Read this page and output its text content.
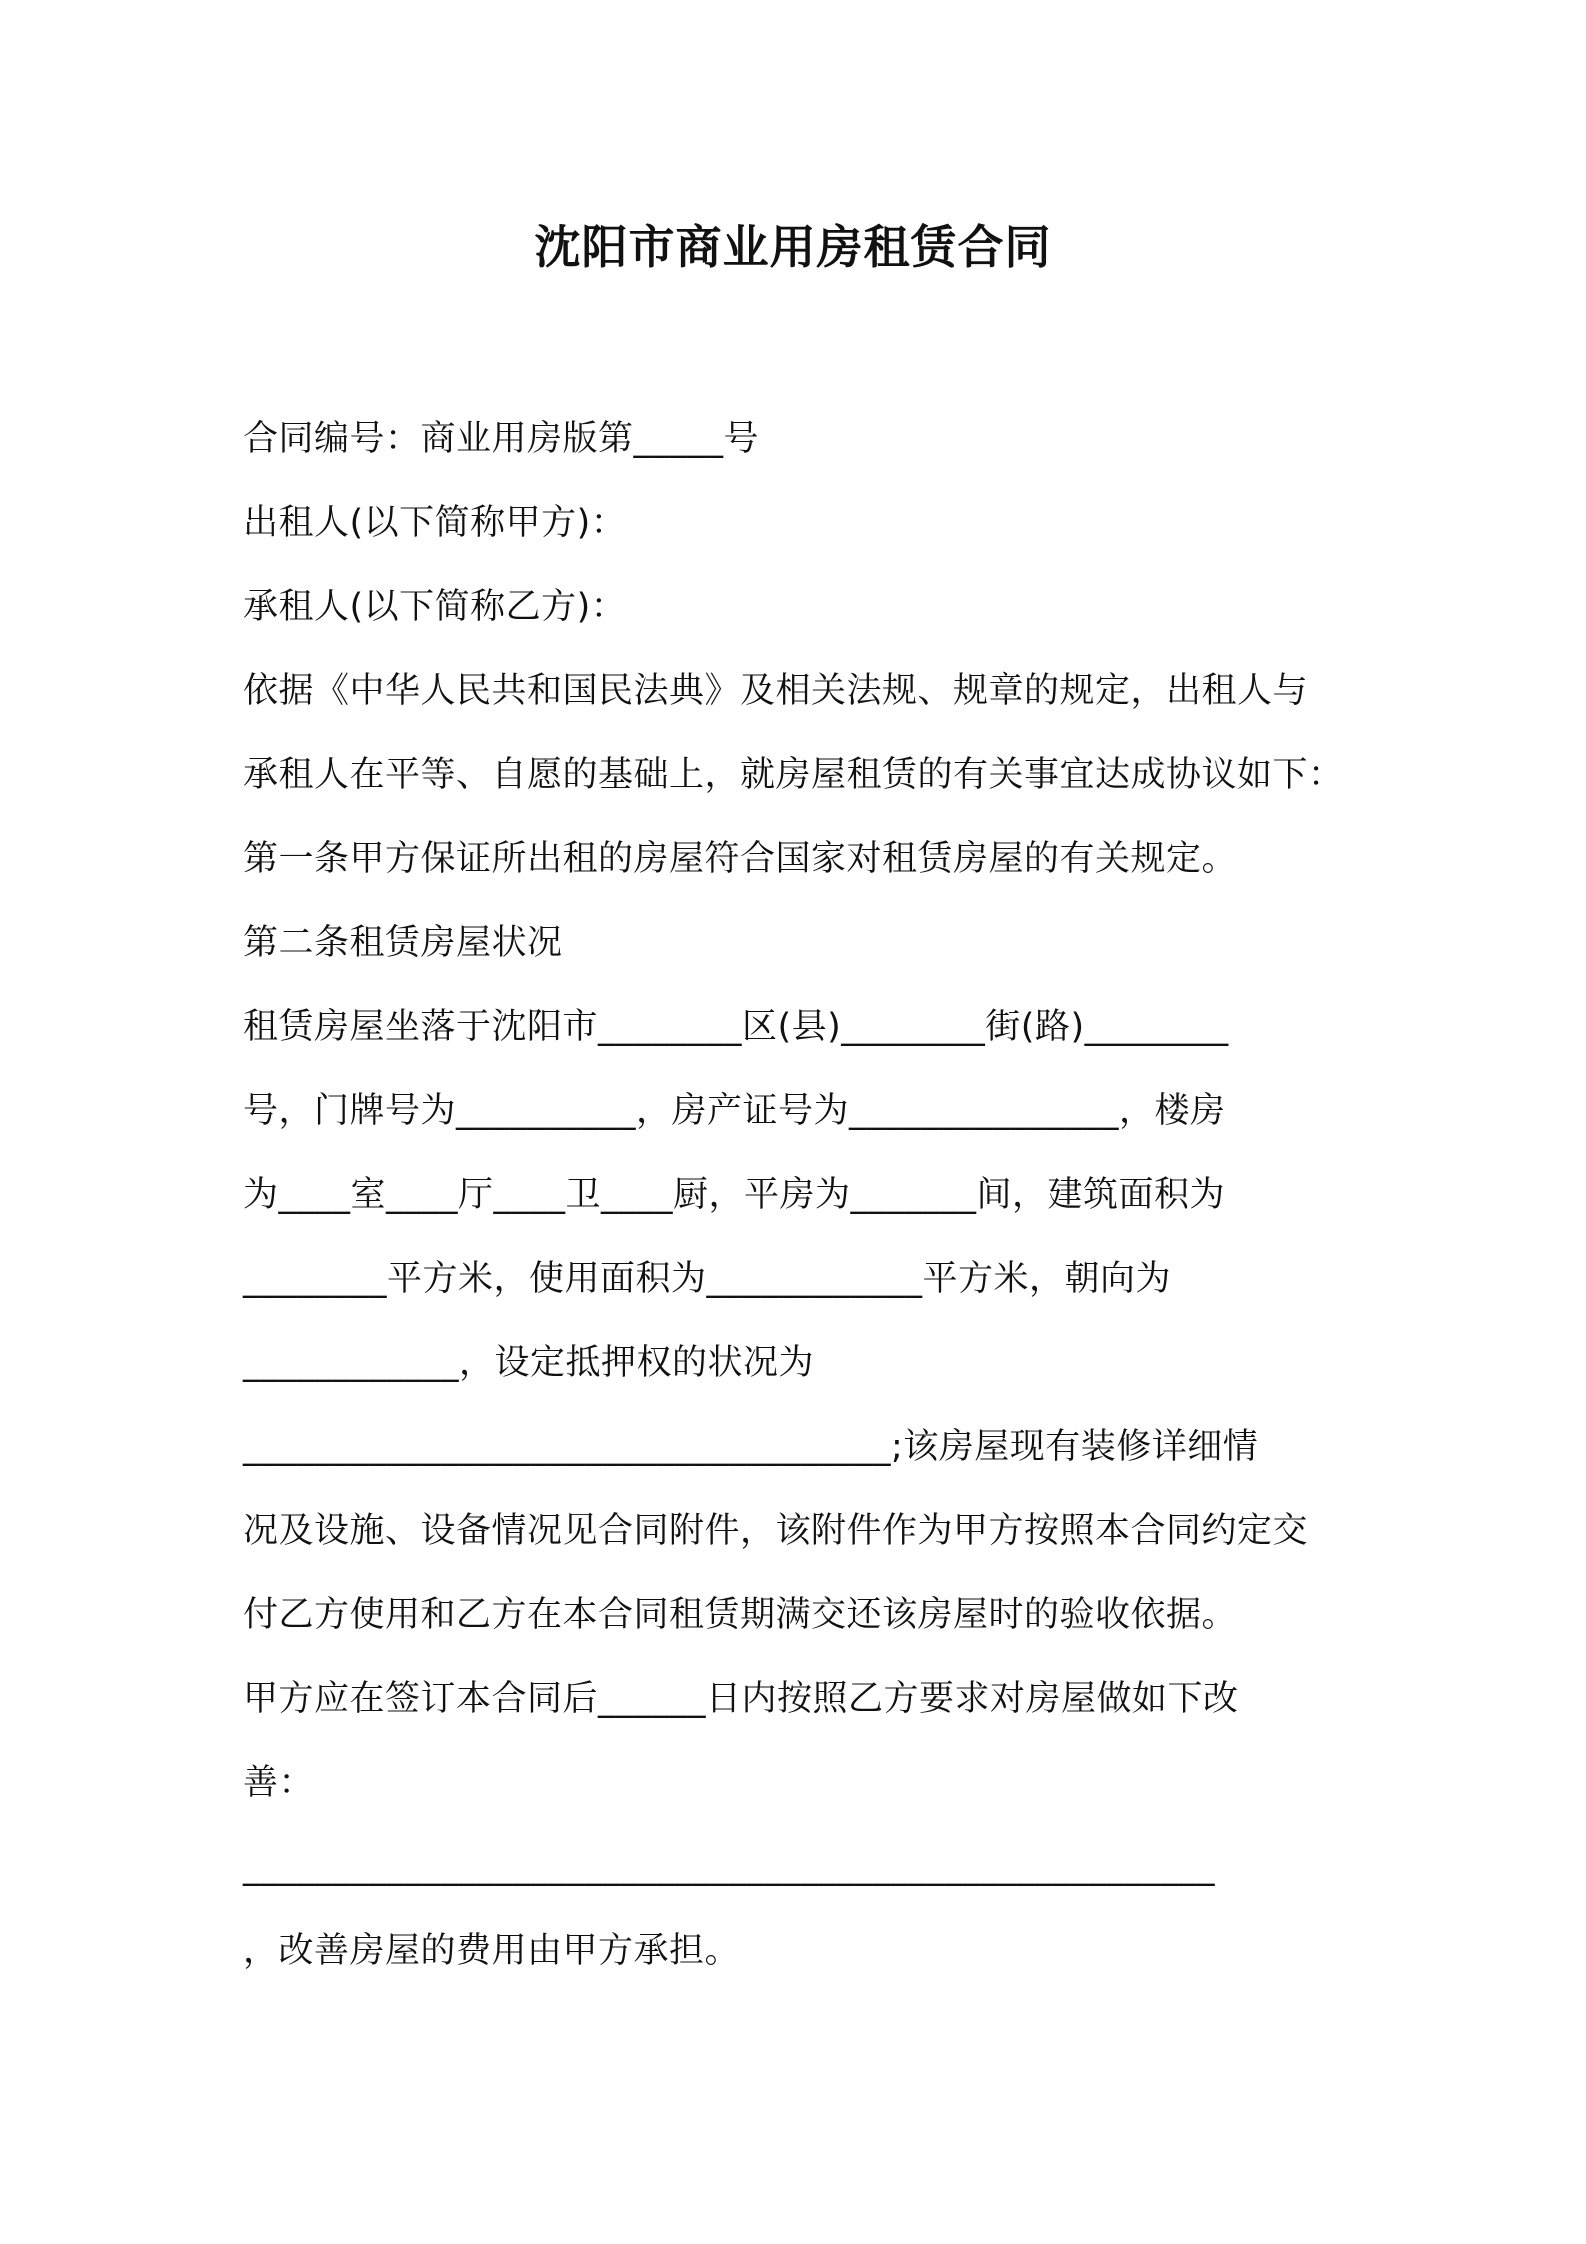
沈阳市商业用房租赁合同
合同编号：商业用房版第_____号
出租人(以下简称甲方)：
承租人(以下简称乙方)：
依据《中华人民共和国民法典》及相关法规、规章的规定，出租人与
承租人在平等、自愿的基础上，就房屋租赁的有关事宜达成协议如下：
第一条甲方保证所出租的房屋符合国家对租赁房屋的有关规定。
第二条租赁房屋状况
租赁房屋坐落于沈阳市________区(县)________街(路)________
号，门牌号为__________，房产证号为_______________，楼房
为____室____厅____卫____厨，平房为_______间，建筑面积为
________平方米，使用面积为____________平方米，朝向为
____________，设定抵押权的状况为
____________________________________;该房屋现有装修详细情
况及设施、设备情况见合同附件，该附件作为甲方按照本合同约定交
付乙方使用和乙方在本合同租赁期满交还该房屋时的验收依据。
甲方应在签订本合同后______日内按照乙方要求对房屋做如下改
善：
______________________________________________________
，改善房屋的费用由甲方承担。
